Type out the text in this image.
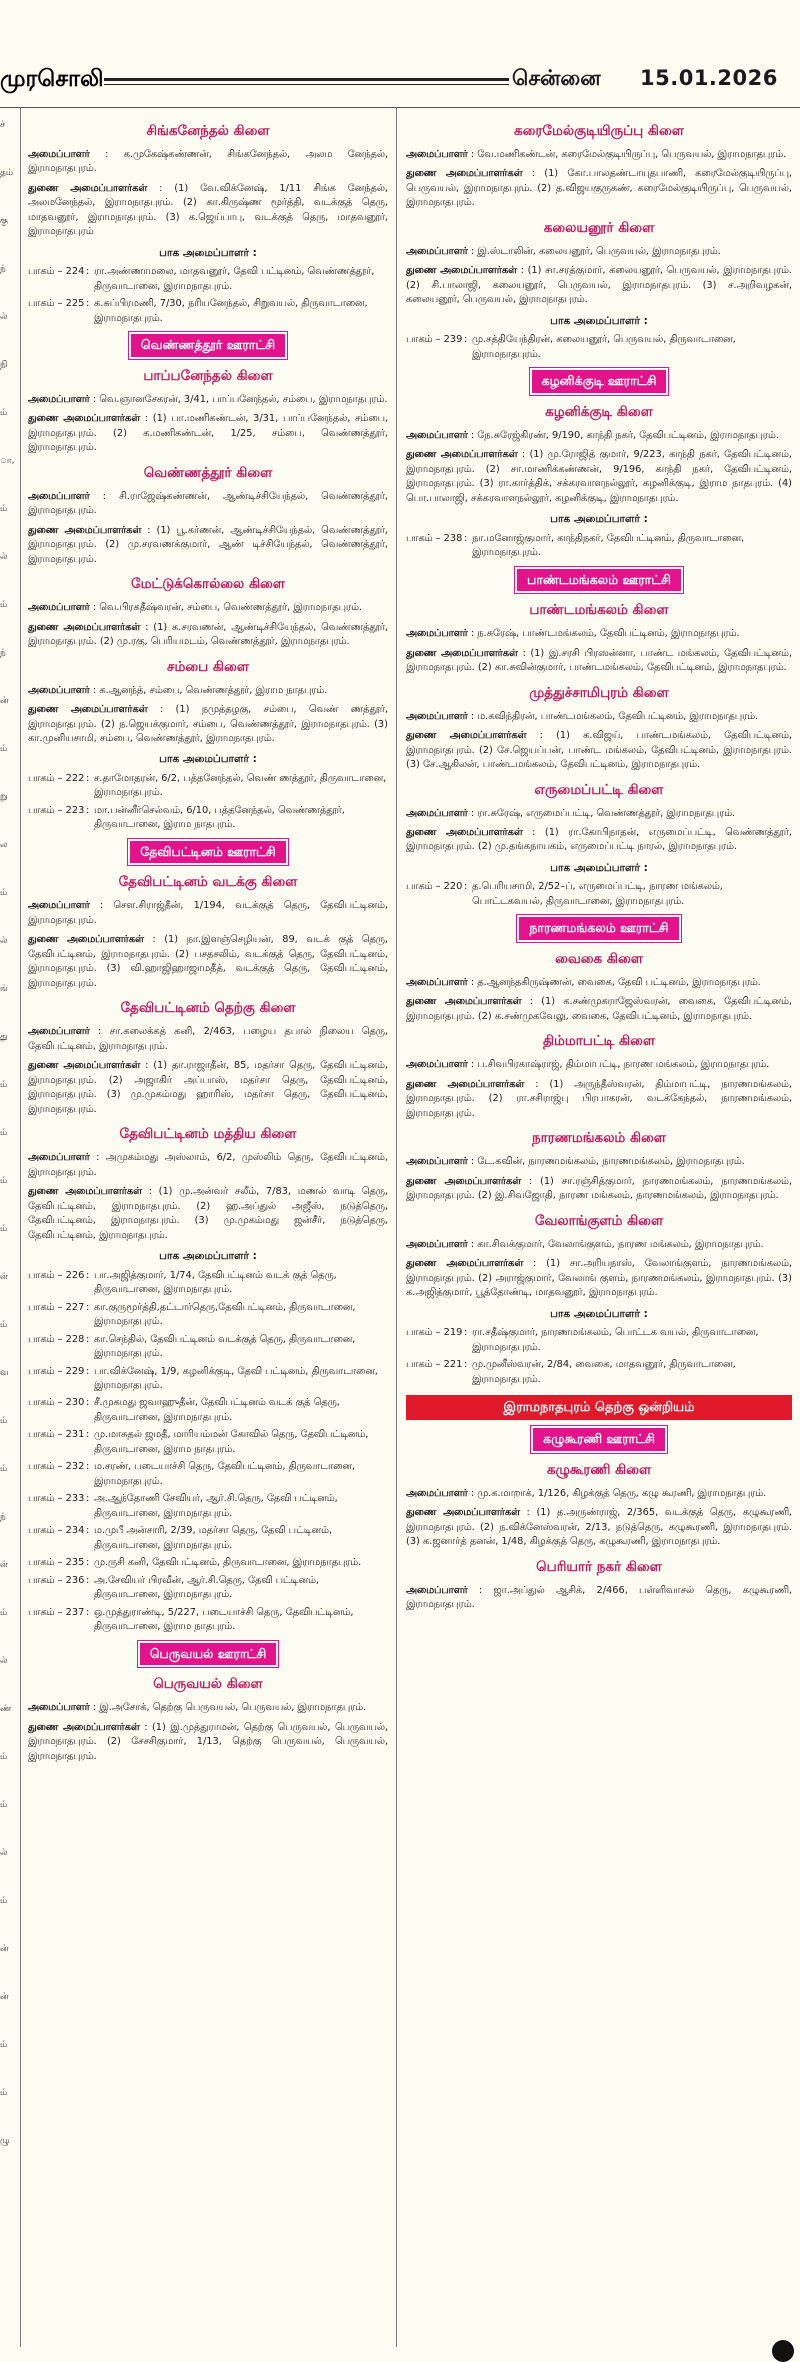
முரசொலி	சென்னை 15.01.2026
ச்
தம்
கு
ந்
ல்
நி
ம்
ா,
ம்
ல்
ம்
ந்
ன்
ம்
று
ல
ம்
ல்
ங்
து
ம்
ம்
ம்
ம்
ள்
ம்
வ
ம்
ம்
ந்
ள்
ம்
ல்
ண்
ம்
ம்
ல்
ம்
ன்
ன்
ம்
ம்
ழு
சிங்கனேந்தல் கிளை
அமைப்பாளர் : க.முகேஷ்கண்ணன், சிங்கனேந்தல், அலம னேந்தல், இராமநாதபுரம்.
துணை அமைப்பாளர்கள் : (1) வே.விக்னேஷ், 1/11 சிங்க னேந்தல், அலமனேந்தல், இராமநாதபுரம். (2) கா.கிருஷ்ண மூர்த்தி, வடக்குத் தெரு, மாதவனூர், இராமநாதபுரம். (3) க.ஜெய்பாபு, வடக்குத் தெரு, மாதவனூர், இராமநாதபுரம்
பாக அமைப்பாளர் :
பாகம் – 224 : ரா.அண்ணாமலை, மாதவனூர், தேவி பட்டினம், வெண்ணத்தூர், திருவாடானை, இராமநாதபுரம்.
பாகம் – 225 : க.சுப்பிரமணி, 7/30, நரியனேந்தல், சிறுவயல், திருவாடானை, இராமநாதபுரம்.
வெண்ணத்தூர் ஊராட்சி
பாப்பனேந்தல் கிளை
அமைப்பாளர் : வெ.ஞானசேகரன், 3/41, பாப்பனேந்தல், சம்பை, இராமநாதபுரம்.
துணை அமைப்பாளர்கள் : (1) பா.மணிகண்டன், 3/31, பாப்பனேந்தல், சம்பை, இராமநாதபுரம். (2) க.மணிகண்டன், 1/25, சம்பை, வெண்ணத்தூர், இராமநாதபுரம்.
வெண்ணத்தூர் கிளை
அமைப்பாளர் : சி.ராஜேஷ்கண்ணன், ஆண்டிச்சியேந்தல், வெண்ணத்தூர், இராமநாதபுரம்.
துணை அமைப்பாளர்கள் : (1) பூ.கர்ணன், ஆண்டிச்சியேந்தல், வெண்ணத்தூர், இராமநாதபுரம். (2) மு.சரவணக்குமார், ஆண் டிச்சியேந்தல், வெண்ணத்தூர், இராமநாதபுரம்.
மேட்டுக்கொல்லை கிளை
அமைப்பாளர் : வெ.பிரகதீஷ்வரன், சம்பை, வெண்ணத்தூர், இராமநாதபுரம்.
துணை அமைப்பாளர்கள் : (1) க.சரவணன், ஆண்டிச்சியேந்தல், வெண்ணத்தூர், இராமநாதபுரம். (2) மு.ரகு, பெரியமடம், வெண்ணத்தூர், இராமநாதபுரம்.
சம்பை கிளை
அமைப்பாளர் : க.ஆனந்த், சம்பை, வெண்ணத்தூர், இராம நாதபுரம்.
துணை அமைப்பாளர்கள் : (1) நமுத்தழகு, சம்பை, வெண் ணத்தூர், இராமநாதபுரம். (2) ந.ஜெயக்குமார், சம்பை, வெண்ணத்தூர், இராமநாதபுரம். (3) கா.முனியசாமி, சம்பை, வெண்ணத்தூர், இராமநாதபுரம்.
பாக அமைப்பாளர் :
பாகம் – 222 : ச.தாமோதரன், 6/2, பத்தனேந்தல், வெண் ணத்தூர், திருவாடானை, இராமநாதபுரம்.
பாகம் – 223 : மா.பன்னீர்செல்வம், 6/10, பத்தனேந்தல், வெண்ணத்தூர், திருவாடானை, இராம நாதபுரம்.
தேவிபட்டினம் ஊராட்சி
தேவிபட்டினம் வடக்கு கிளை
அமைப்பாளர் : சௌ.சிராஜ்தீன், 1/194, வடக்குத் தெரு, தேவிபட்டினம், இராமநாதபுரம்.
துணை அமைப்பாளர்கள் : (1) நா.இளஞ்செழியன், 89, வடக் குத் தெரு, தேவிபட்டினம், இராமநாதபுரம். (2) பசதசலிம், வடக்குத் தெரு, தேவிபட்டினம், இராமநாதபுரம். (3) வி.ஹாஜிஹாஜாமதீத், வடக்குத் தெரு, தேவிபட்டினம், இராமநாதபுரம்.
தேவிபட்டினம் தெற்கு கிளை
அமைப்பாளர் : சா.கலைக்கத் கனி, 2/463, பழைய தபால் நிலைய தெரு, தேவிபட்டினம், இராமநாதபுரம்.
துணை அமைப்பாளர்கள் : (1) தா.ராஜாதீன், 85, மதர்சா தெரு, தேவிபட்டினம், இராமநாதபுரம். (2) அஜாகிர் அப்பாஸ், மதர்சா தெரு, தேவிபட்டினம், இராமநாதபுரம். (3) மு.முகம்மது ஹாரிஸ், மதர்சா தெரு, தேவிபட்டினம், இராமநாதபுரம்.
தேவிபட்டினம் மத்திய கிளை
அமைப்பாளர் : அமுகம்மது அஸ்லாம், 6/2, முஸ்லிம் தெரு, தேவிபட்டினம், இராமநாதபுரம்.
துணை அமைப்பாளர்கள் : (1) மு.அன்வர் சலீம், 7/83, மணல் வாடி தெரு, தேவிபட்டினம், இராமநாதபுரம். (2) ஹ.அப்துல் அஜீஸ், நடுத்தெரு, தேவிபட்டினம், இராமநாதபுரம். (3) மு.முகம்மது ஜன்சீர், நடுத்தெரு, தேவிபட்டினம், இராமநாதபுரம்.
பாக அமைப்பாளர் :
பாகம் – 226 : பா.அஜித்குமார், 1/74, தேவிபட்டினம் வடக் குத் தெரு, திருவாடானை, இராமநாதபுரம்.
பாகம் – 227 : கா.குருமூர்த்தி,தட்டார்தெரு,தேவிபட்டினம், திருவாடானை, இராமநாதபுரம்.
பாகம் – 228 : கா.செந்தில், தேவிபட்டினம் வடக்குத் தெரு, திருவாடானை, இராமநாதபுரம்.
பாகம் – 229 : பா.விக்னேஷ், 1/9, கழனிக்குடி, தேவி பட்டினம், திருவாடானை, இராமநாதபுரம்.
பாகம் – 230 : சீ.முகமது ஜவாஹுதீன், தேவிபட்டினம் வடக் குத் தெரு, திருவாடானை, இராமநாதபுரம்.
பாகம் – 231 : மு.மாசுதல் ஜமதீ, மாரியம்மன் கோவில் தெரு, தேவிபட்டினம், திருவாடானை, இராம நாதபுரம்.
பாகம் – 232 : ம.சரண், படையாச்சி தெரு, தேவிபட்டினம், திருவாடானை, இராமநாதபுரம்.
பாகம் – 233 : அ.ஆந்தோணி சேவியர், ஆர்.சி.தெரு, தேவி பட்டினம், திருவாடானை, இராமநாதபுரம்.
பாகம் – 234 : ம.முபீ அன்சாரி, 2/39, மதர்சா தெரு, தேவி பட்டினம், திருவாடானை, இராமநாதபுரம்.
பாகம் – 235 : மு.ருசி கனி, தேவிபட்டினம், திருவாடானை, இராமநாதபுரம்.
பாகம் – 236 : அ.சேவியர் பிரவீன், ஆர்.சி.தெரு, தேவி பட்டினம், திருவாடானை, இராமநாதபுரம்.
பாகம் – 237 : ஒ.முத்துராண்டி, 5/227, படையாச்சி தெரு, தேவிபட்டினம், திருவாடானை, இராம நாதபுரம்.
பெருவயல் ஊராட்சி
பெருவயல் கிளை
அமைப்பாளர் : இ.அசோக், தெற்கு பெருவயல், பெருவயல், இராமநாதபுரம்.
துணை அமைப்பாளர்கள் : (1) இ.முத்துராமன், தெற்கு பெருவயல், பெருவயல், இராமநாதபுரம். (2) சேசசிகுமார், 1/13, தெற்கு பெருவயல், பெருவயல், இராமநாதபுரம்.
கரைமேல்குடியிருப்பு கிளை
அமைப்பாளர் : வே.மணிகண்டன், கரைமேல்குடியிருப்பு, பெருவயல், இராமநாதபுரம்.
துணை அமைப்பாளர்கள் : (1) கோ.பாலதண்டாயுதபாணி, கரைமேல்குடியிருப்பு, பெருவயல், இராமநாதபுரம். (2) த.விஜயகுருகண், கரைமேல்குடியிருப்பு, பெருவயல், இராமநாதபுரம்.
கலையனூர் கிளை
அமைப்பாளர் : இ.ஸ்டாலின், கலையனூர், பெருவயல், இராமநாதபுரம்.
துணை அமைப்பாளர்கள் : (1) சா.சரத்குமார், கலையனூர், பெருவயல், இராமநாதபுரம். (2) சி.பாலாஜி, கலையனூர், பெருவயல், இராமநாதபுரம். (3) ச.அறிவழகன், கலையனூர், பெருவயல், இராமநாதபுரம்.
பாக அமைப்பாளர் :
பாகம் – 239 : மு.சத்தியேந்திரன், கலையனூர், பெருவயல், திருவாடானை, இராமநாதபுரம்.
கழனிக்குடி ஊராட்சி
கழனிக்குடி கிளை
அமைப்பாளர் : நே.சுரேஜ்கிரண், 9/190, காந்தி நகர், தேவிபட்டினம், இராமநாதபுரம்.
துணை அமைப்பாளர்கள் : (1) மு.ரோஜித் குமார், 9/223, காந்தி நகர், தேவிபட்டினம், இராமநாதபுரம். (2) சா.மாணிக்கண்ணன், 9/196, காந்தி நகர், தேவிபட்டினம், இராமநாதபுரம். (3) ரா.கார்த்திக், சக்கரவாளநல்லூர், கழனிக்குடி, இராம நாதபுரம். (4) பொ.பாலாஜி, சக்கரவாளநல்லூர், கழனிக்குடி, இராமநாதபுரம்.
பாக அமைப்பாளர் :
பாகம் – 238 : நா.மனோஜ்குமார், காந்திநகர், தேவிபட்டினம், திருவாடானை, இராமநாதபுரம்.
பாண்டமங்கலம் ஊராட்சி
பாண்டமங்கலம் கிளை
அமைப்பாளர் : ந.சுரேஷ், பாண்டமங்கலம், தேவிபட்டினம், இராமநாதபுரம்.
துணை அமைப்பாளர்கள் : (1) இ.சரசி பிரஸன்னா, பாண்ட மங்கலம், தேவிபட்டினம், இராமநாதபுரம். (2) கா.சுவின்குமார், பாண்டமங்கலம், தேவிபட்டினம், இராமநாதபுரம்.
முத்துச்சாமிபுரம் கிளை
அமைப்பாளர் : ம.கவிந்திரன், பாண்டமங்கலம், தேவிபட்டினம், இராமநாதபுரம்.
துணை அமைப்பாளர்கள் : (1) க.விஜய், பாண்டமங்கலம், தேவிபட்டினம், இராமநாதபுரம். (2) சே.ஜெயப்பன், பாண்ட மங்கலம், தேவிபட்டினம், இராமநாதபுரம். (3) சே.ஆகிலன், பாண்டமங்கலம், தேவிபட்டினம், இராமநாதபுரம்.
எருமைப்பட்டி கிளை
அமைப்பாளர் : ரா.சுரேஷ், எருமைப்பட்டி, வெண்ணத்தூர், இராமநாதபுரம்.
துணை அமைப்பாளர்கள் : (1) ரா.கோபிநாதன், எருமைப்பட்டி, வெண்ணத்தூர், இராமநாதபுரம். (2) மு.தங்கநாயகம், எருமைப்பட்டி நாரல், இராமநாதபுரம்.
பாக அமைப்பாளர் :
பாகம் – 220 : த.பெரியசாமி, 2/52–ப், எருமைப்பட்டி, நாரண மங்கலம், பொட்டகவயல், திருவாடானை, இராமநாதபுரம்.
நாரணமங்கலம் ஊராட்சி
வைகை கிளை
அமைப்பாளர் : த.ஆனந்தகிருஷ்ணன், வைகை, தேவி பட்டினம், இராமநாதபுரம்.
துணை அமைப்பாளர்கள் : (1) க.சண்முகராஜேஸ்வரன், வைகை, தேவிபட்டினம், இராமநாதபுரம். (2) க.சண்முகவேலு, வைகை, தேவிபட்டினம், இராமநாதபுரம்.
திம்மாபட்டி கிளை
அமைப்பாளர் : ப.சிவபிரகாஷ்ராஜ், திம்மாபட்டி, நாரண மங்கலம், இராமநாதபுரம்.
துணை அமைப்பாளர்கள் : (1) அருந்தீஸ்வரன், திம்மாபட்டி, நாரணமங்கலம், இராமநாதபுரம். (2) ரா.சசிராஜ்பு பிரபாகரன், வடக்கேந்தல், நாரணமங்கலம், இராமநாதபுரம்.
நாரணமங்கலம் கிளை
அமைப்பாளர் : டே.கவின், நாரணமங்கலம், நாரணமங்கலம், இராமநாதபுரம்.
துணை அமைப்பாளர்கள் : (1) சா.ரஞ்சித்குமார், நாரணமங்கலம், நாரணமங்கலம், இராமநாதபுரம். (2) இ.சிவஜோதி, நாரண மங்கலம், நாரணமங்கலம், இராமநாதபுரம்.
வேலாங்குளம் கிளை
அமைப்பாளர் : கா.சிவக்குமார், வேலாங்குளம், நாரண மங்கலம், இராமநாதபுரம்.
துணை அமைப்பாளர்கள் : (1) சா.அரியநாஸ், வேலாங்குளம், நாரணமங்கலம், இராமநாதபுரம். (2) அராஜ்குமார், வேலாங் குளம், நாரணமங்கலம், இராமநாதபுரம். (3) க.அஜித்குமார், பூத்தோண்டி, மாதவனூர், இராமநாதபுரம்.
பாக அமைப்பாளர் :
பாகம் – 219 : ரா.சதீஷ்குமார், நாரணமங்கலம், பொட்டக வயல், திருவாடானை, இராமநாதபுரம்.
பாகம் – 221 : மு.முனீஸ்வரன், 2/84, வைகை, மாதவனூர், திருவாடானை, இராமநாதபுரம்.
இராமநாதபுரம் தெற்கு ஒன்றியம்
கழுகூரணி ஊராட்சி
கழுகூரணி கிளை
அமைப்பாளர் : மு.க.மாறாக், 1/126, கிழக்குத் தெரு, கழு கூரணி, இராமநாதபுரம்.
துணை அமைப்பாளர்கள் : (1) த.அருண்ராஜ், 2/365, வடக்குத் தெரு, கழுகூரணி, இராமநாதபுரம். (2) ந.விக்னேஸ்வரன், 2/13, நடுத்தெரு, கழுகூரணி, இராமநாதபுரம். (3) க.ஜனார்த் தனன், 1/48, கிழக்குத் தெரு, கழுகூரணி, இராமநாதபுரம்.
பெரியார் நகர் கிளை
அமைப்பாளர் : ஜா.அப்துல் ஆசிக், 2/466, பள்ளிவாசல் தெரு, கழுகூரணி, இராமநாதபுரம்.
